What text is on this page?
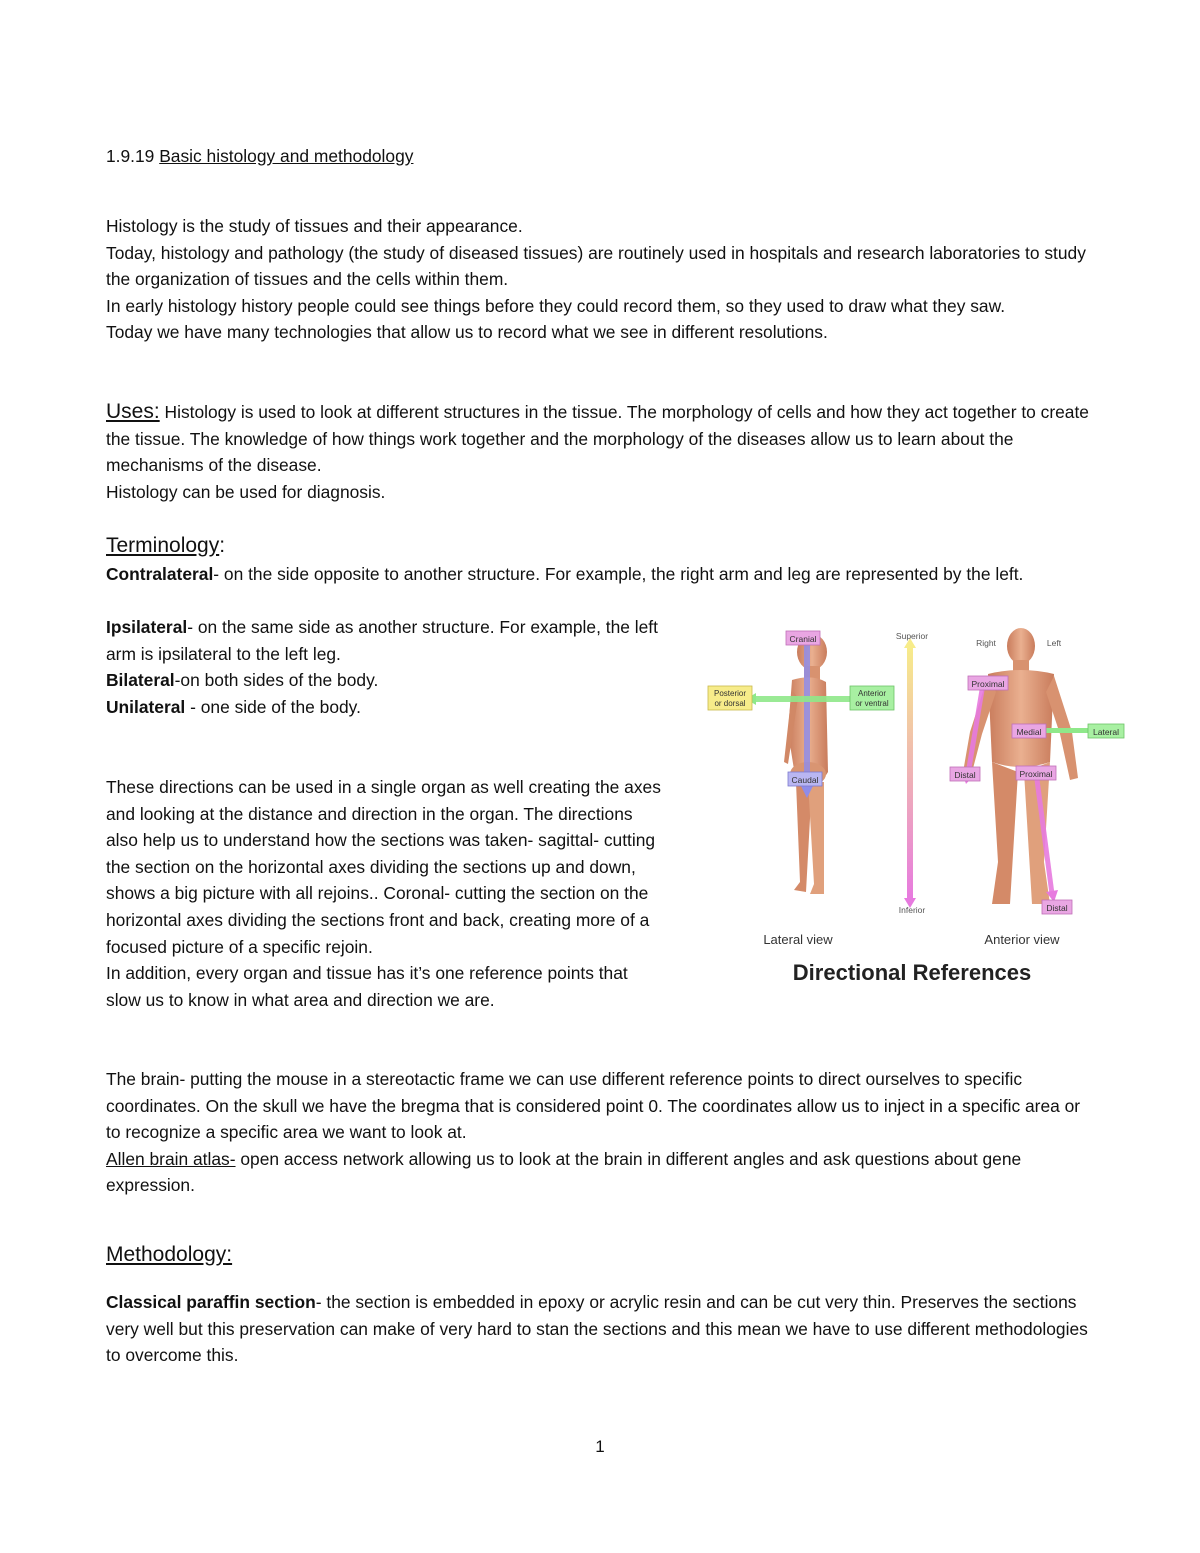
1.9.19 Basic histology and methodology

Histology is the study of tissues and their appearance.

Today, histology and pathology (the study of diseased tissues) are routinely used in hospitals and research laboratories to study the organization of tissues and the cells within them.

In early histology history people could see things before they could record them, so they used to draw what they saw.

Today we have many technologies that allow us to record what we see in different resolutions.

Uses: Histology is used to look at different structures in the tissue. The morphology of cells and how they act together to create the tissue. The knowledge of how things work together and the morphology of the diseases allow us to learn about the mechanisms of the disease.

Histology can be used for diagnosis.

Terminology:

Contralateral- on the side opposite to another structure. For example, the right arm and leg are represented by the left.

Ipsilateral- on the same side as another structure. For example, the left arm is ipsilateral to the left leg.

Bilateral-on both sides of the body.

Unilateral - one side of the body.

These directions can be used in a single organ as well creating the axes and looking at the distance and direction in the organ. The directions also help us to understand how the sections was taken- sagittal- cutting the section on the horizontal axes dividing the sections up and down, shows a big picture with all rejoins.. Coronal- cutting the section on the horizontal axes dividing the sections front and back, creating more of a focused picture of a specific rejoin.

In addition, every organ and tissue has it’s one reference points that slow us to know in what area and direction we are.

Cranial
Caudal
Posterior
or dorsal
Anterior
or ventral
Superior
Inferior
Right	Left
Proximal
Medial	Lateral
Distal	Proximal
Distal
Lateral view	Anterior view
Directional References

The brain- putting the mouse in a stereotactic frame we can use different reference points to direct ourselves to specific coordinates. On the skull we have the bregma that is considered point 0. The coordinates allow us to inject in a specific area or to recognize a specific area we want to look at.

Allen brain atlas- open access network allowing us to look at the brain in different angles and ask questions about gene expression.

Methodology:

Classical paraffin section- the section is embedded in epoxy or acrylic resin and can be cut very thin. Preserves the sections very well but this preservation can make of very hard to stan the sections and this mean we have to use different methodologies to overcome this.

1
